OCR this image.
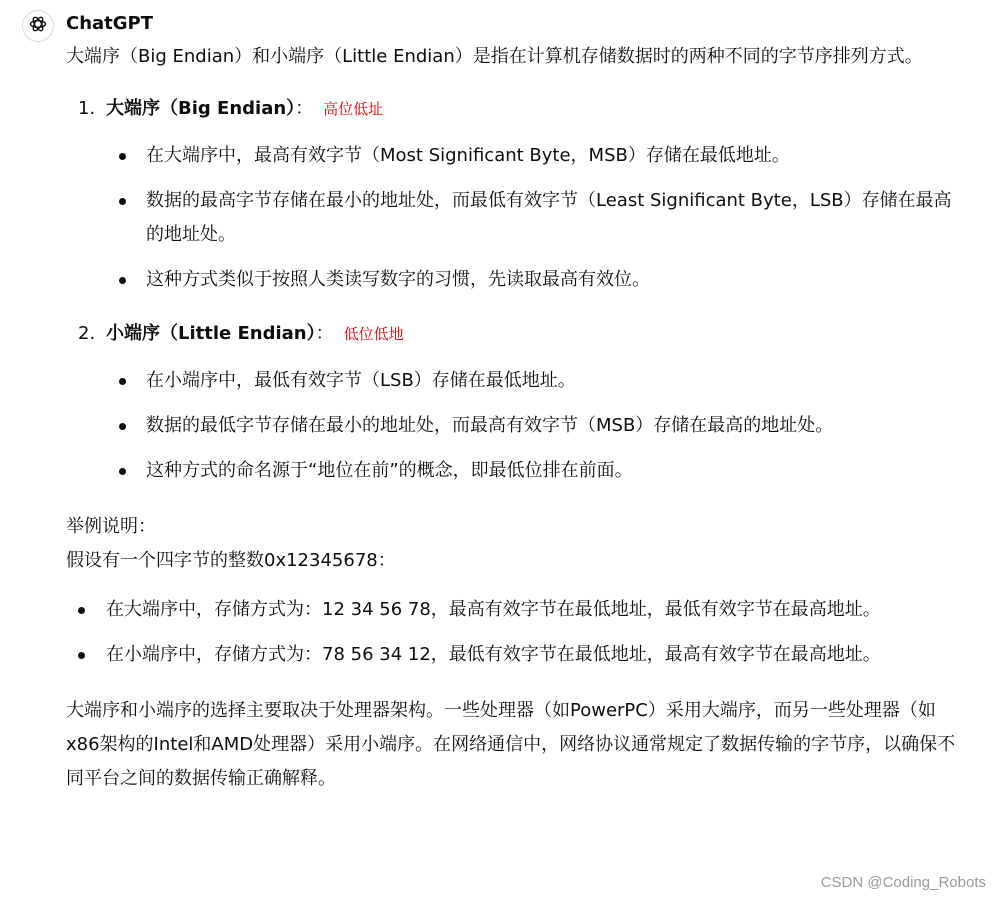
ChatGPT

大端序（Big Endian）和小端序（Little Endian）是指在计算机存储数据时的两种不同的字节序排列方式。

1. 大端序（Big Endian）： 高位低址
在大端序中，最高有效字节（Most Significant Byte，MSB）存储在最低地址。
数据的最高字节存储在最小的地址处，而最低有效字节（Least Significant Byte，LSB）存储在最高的地址处。
这种方式类似于按照人类读写数字的习惯，先读取最高有效位。
2. 小端序（Little Endian）： 低位低地
在小端序中，最低有效字节（LSB）存储在最低地址。
数据的最低字节存储在最小的地址处，而最高有效字节（MSB）存储在最高的地址处。
这种方式的命名源于“地位在前”的概念，即最低位排在前面。

举例说明：

假设有一个四字节的整数0x12345678：

在大端序中，存储方式为：12 34 56 78，最高有效字节在最低地址，最低有效字节在最高地址。
在小端序中，存储方式为：78 56 34 12，最低有效字节在最低地址，最高有效字节在最高地址。

大端序和小端序的选择主要取决于处理器架构。一些处理器（如PowerPC）采用大端序，而另一些处理器（如x86架构的Intel和AMD处理器）采用小端序。在网络通信中，网络协议通常规定了数据传输的字节序，以确保不同平台之间的数据传输正确解释。

CSDN @Coding_Robots
